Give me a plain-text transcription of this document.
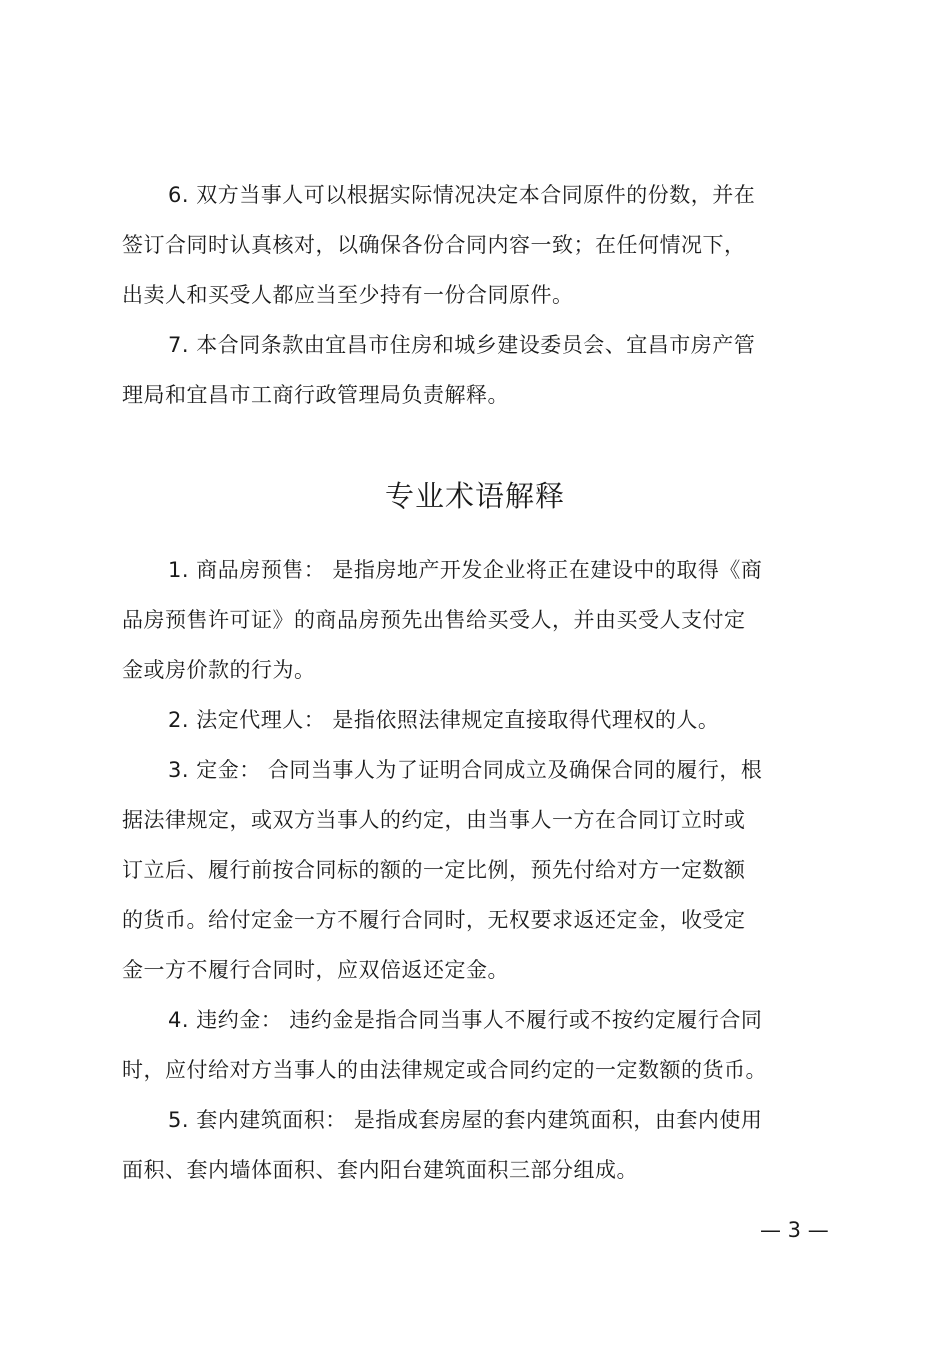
6. 双方当事人可以根据实际情况决定本合同原件的份数，并在
签订合同时认真核对，以确保各份合同内容一致；在任何情况下，
出卖人和买受人都应当至少持有一份合同原件。
7. 本合同条款由宜昌市住房和城乡建设委员会、宜昌市房产管
理局和宜昌市工商行政管理局负责解释。
专业术语解释
1. 商品房预售： 是指房地产开发企业将正在建设中的取得《商
品房预售许可证》的商品房预先出售给买受人，并由买受人支付定
金或房价款的行为。
2. 法定代理人： 是指依照法律规定直接取得代理权的人。
3. 定金： 合同当事人为了证明合同成立及确保合同的履行，根
据法律规定，或双方当事人的约定，由当事人一方在合同订立时或
订立后、履行前按合同标的额的一定比例，预先付给对方一定数额
的货币。给付定金一方不履行合同时，无权要求返还定金，收受定
金一方不履行合同时，应双倍返还定金。
4. 违约金： 违约金是指合同当事人不履行或不按约定履行合同
时，应付给对方当事人的由法律规定或合同约定的一定数额的货币。
5. 套内建筑面积： 是指成套房屋的套内建筑面积，由套内使用
面积、套内墙体面积、套内阳台建筑面积三部分组成。
— 3 —
